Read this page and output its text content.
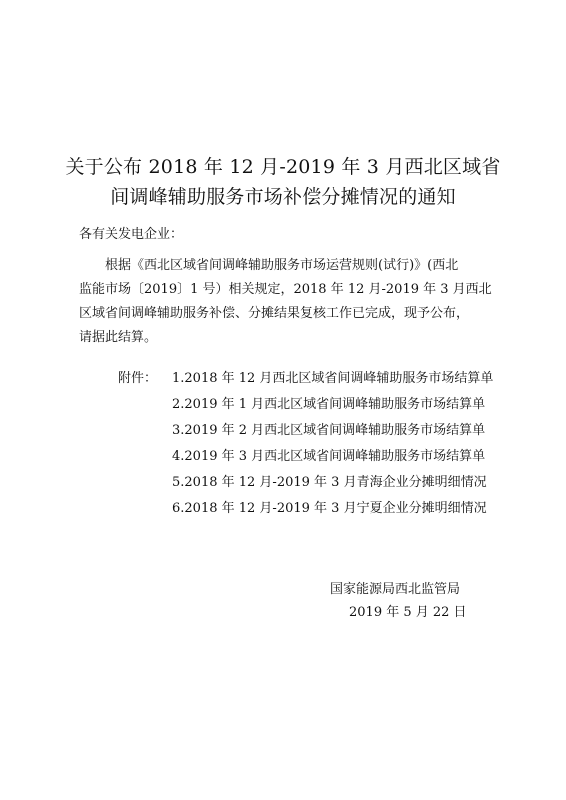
关于公布 2018 年 12 月-2019 年 3 月西北区域省
间调峰辅助服务市场补偿分摊情况的通知
各有关发电企业：
根据《西北区域省间调峰辅助服务市场运营规则(试行)》(西北
监能市场〔2019〕1 号）相关规定，2018 年 12 月-2019 年 3 月西北
区域省间调峰辅助服务补偿、分摊结果复核工作已完成，现予公布，
请据此结算。
附件： 1.2018 年 12 月西北区域省间调峰辅助服务市场结算单
2.2019 年 1 月西北区域省间调峰辅助服务市场结算单
3.2019 年 2 月西北区域省间调峰辅助服务市场结算单
4.2019 年 3 月西北区域省间调峰辅助服务市场结算单
5.2018 年 12 月-2019 年 3 月青海企业分摊明细情况
6.2018 年 12 月-2019 年 3 月宁夏企业分摊明细情况
国家能源局西北监管局
2019 年 5 月 22 日
